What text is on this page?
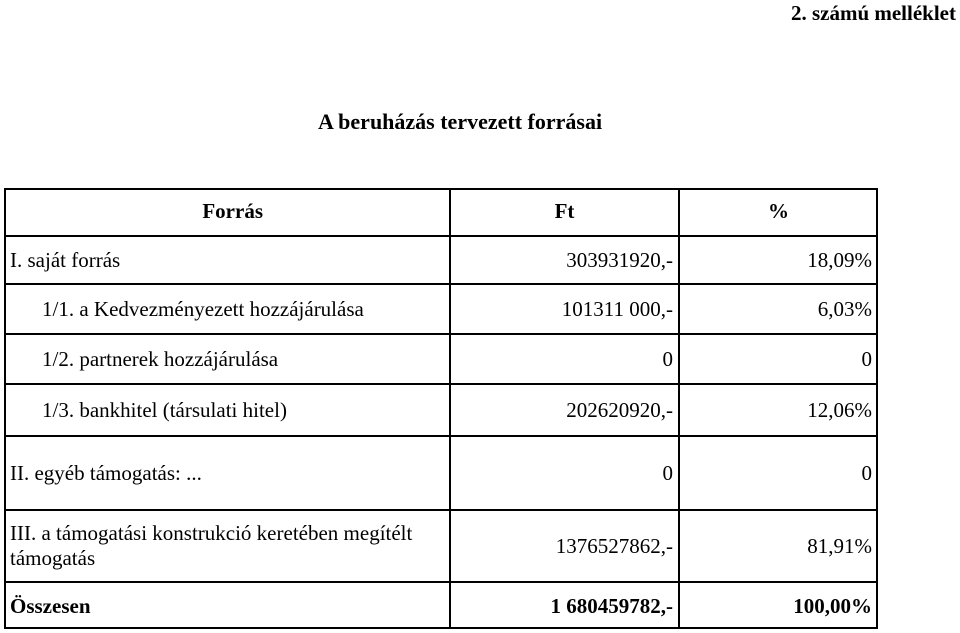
2. számú melléklet
A beruházás tervezett forrásai
Forrás	Ft	%
I. saját forrás	303931920,-	18,09%
1/1. a Kedvezményezett hozzájárulása	101311 000,-	6,03%
1/2. partnerek hozzájárulása	0	0
1/3. bankhitel (társulati hitel)	202620920,-	12,06%
II. egyéb támogatás: ...	0	0
III. a támogatási konstrukció keretében megítélt támogatás	1376527862,-	81,91%
Összesen	1 680459782,-	100,00%
